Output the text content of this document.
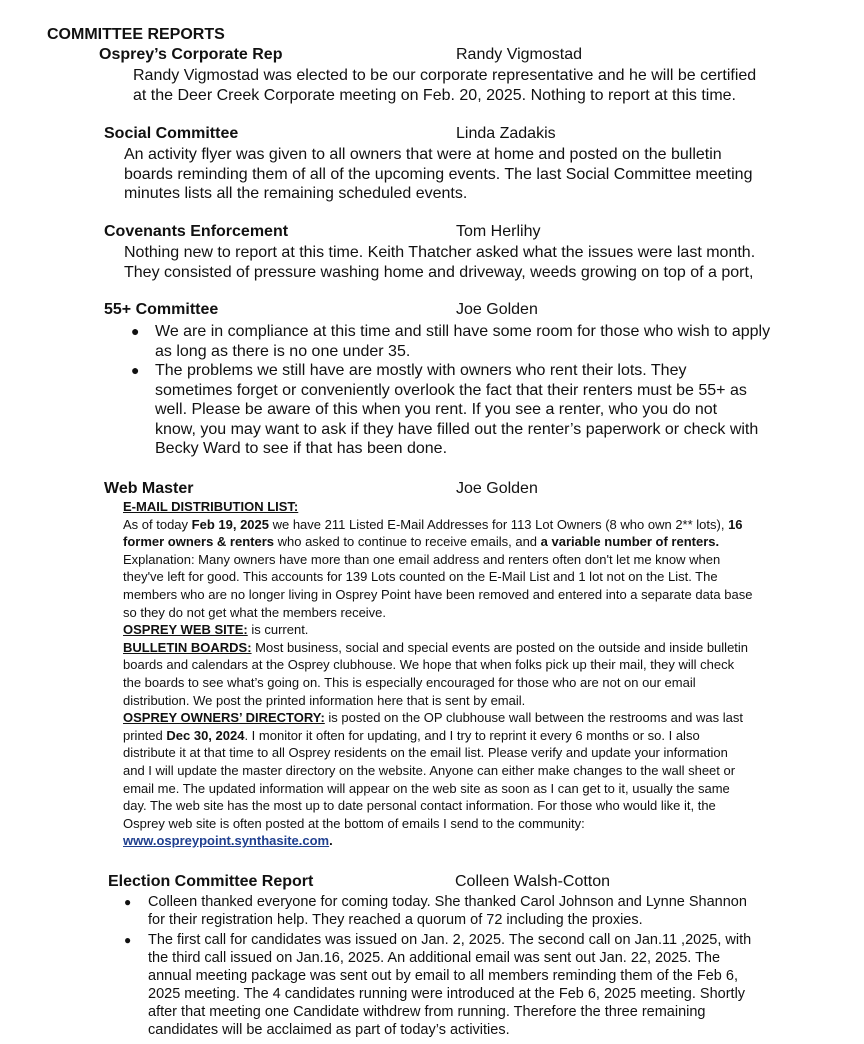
COMMITTEE REPORTS
Osprey’s Corporate Rep	Randy Vigmostad
Randy Vigmostad was elected to be our corporate representative and he will be certified
at the Deer Creek Corporate meeting on Feb. 20, 2025. Nothing to report at this time.
Social Committee	Linda Zadakis
An activity flyer was given to all owners that were at home and posted on the bulletin
boards reminding them of all of the upcoming events. The last Social Committee meeting
minutes lists all the remaining scheduled events.
Covenants Enforcement	Tom Herlihy
Nothing new to report at this time. Keith Thatcher asked what the issues were last month.
They consisted of pressure washing home and driveway, weeds growing on top of a port,
55+ Committee	Joe Golden
● We are in compliance at this time and still have some room for those who wish to apply
as long as there is no one under 35.
● The problems we still have are mostly with owners who rent their lots. They
sometimes forget or conveniently overlook the fact that their renters must be 55+ as
well. Please be aware of this when you rent. If you see a renter, who you do not
know, you may want to ask if they have filled out the renter’s paperwork or check with
Becky Ward to see if that has been done.
Web Master	Joe Golden
E-MAIL DISTRIBUTION LIST:
As of today Feb 19, 2025 we have 211 Listed E-Mail Addresses for 113 Lot Owners (8 who own 2** lots), 16
former owners & renters who asked to continue to receive emails, and a variable number of renters.
Explanation: Many owners have more than one email address and renters often don't let me know when
they've left for good. This accounts for 139 Lots counted on the E-Mail List and 1 lot not on the List. The
members who are no longer living in Osprey Point have been removed and entered into a separate data base
so they do not get what the members receive.
OSPREY WEB SITE: is current.
BULLETIN BOARDS: Most business, social and special events are posted on the outside and inside bulletin
boards and calendars at the Osprey clubhouse. We hope that when folks pick up their mail, they will check
the boards to see what’s going on. This is especially encouraged for those who are not on our email
distribution. We post the printed information here that is sent by email.
OSPREY OWNERS’ DIRECTORY: is posted on the OP clubhouse wall between the restrooms and was last
printed Dec 30, 2024. I monitor it often for updating, and I try to reprint it every 6 months or so. I also
distribute it at that time to all Osprey residents on the email list. Please verify and update your information
and I will update the master directory on the website. Anyone can either make changes to the wall sheet or
email me. The updated information will appear on the web site as soon as I can get to it, usually the same
day. The web site has the most up to date personal contact information. For those who would like it, the
Osprey web site is often posted at the bottom of emails I send to the community:
www.ospreypoint.synthasite.com.
Election Committee Report	Colleen Walsh-Cotton
● Colleen thanked everyone for coming today. She thanked Carol Johnson and Lynne Shannon
for their registration help. They reached a quorum of 72 including the proxies.
● The first call for candidates was issued on Jan. 2, 2025. The second call on Jan.11 ,2025, with
the third call issued on Jan.16, 2025. An additional email was sent out Jan. 22, 2025. The
annual meeting package was sent out by email to all members reminding them of the Feb 6,
2025 meeting. The 4 candidates running were introduced at the Feb 6, 2025 meeting. Shortly
after that meeting one Candidate withdrew from running. Therefore the three remaining
candidates will be acclaimed as part of today’s activities.
